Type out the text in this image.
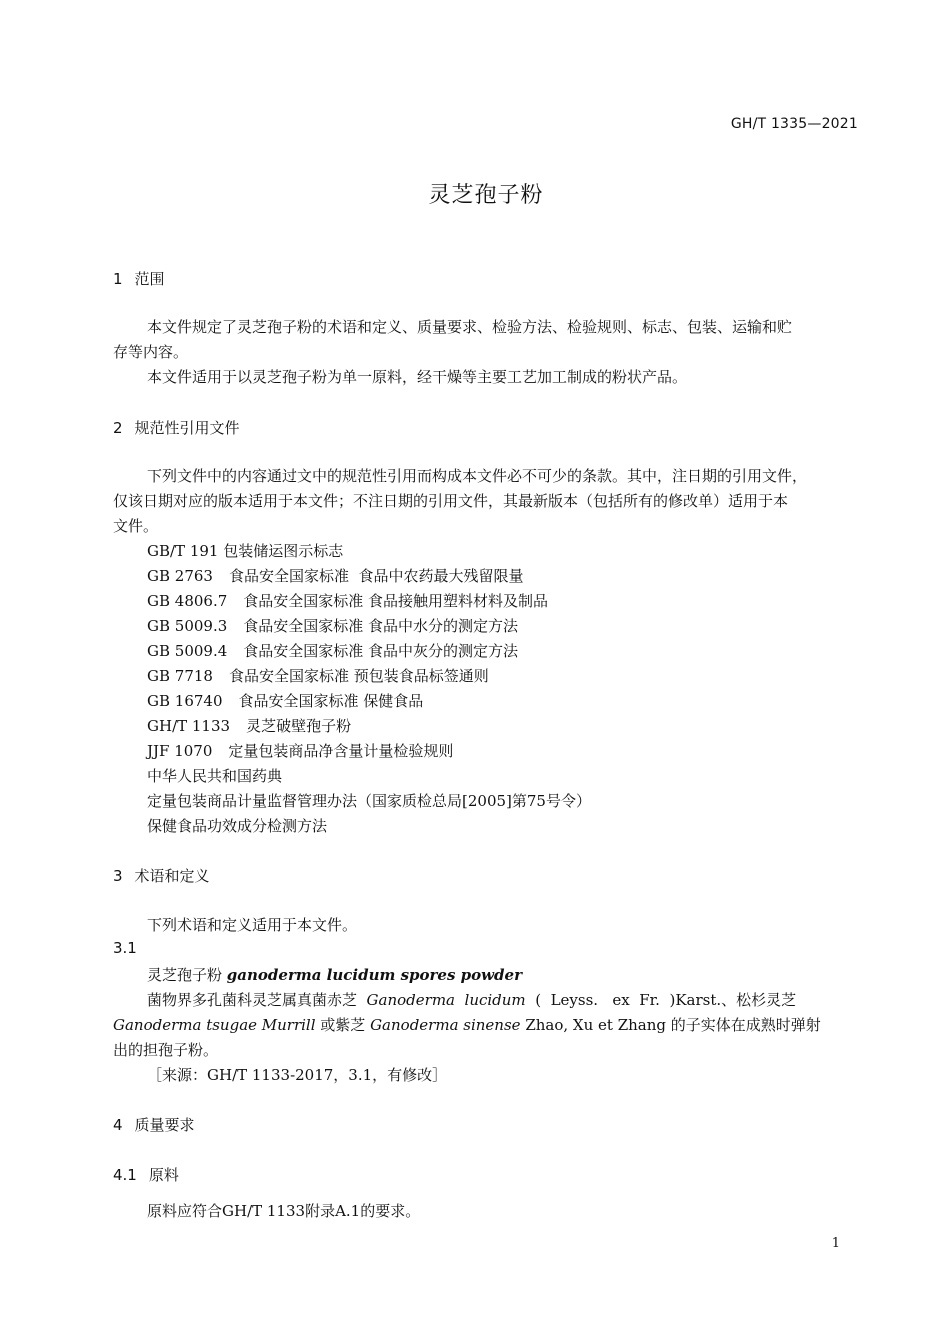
GH/T 1335—2021
灵芝孢子粉
1 范围
本文件规定了灵芝孢子粉的术语和定义、质量要求、检验方法、检验规则、标志、包装、运输和贮
存等内容。
本文件适用于以灵芝孢子粉为单一原料，经干燥等主要工艺加工制成的粉状产品。
2 规范性引用文件
下列文件中的内容通过文中的规范性引用而构成本文件必不可少的条款。其中，注日期的引用文件，
仅该日期对应的版本适用于本文件；不注日期的引用文件，其最新版本（包括所有的修改单）适用于本
文件。
GB/T 191 包装储运图示标志
GB 2763 食品安全国家标准  食品中农药最大残留限量
GB 4806.7 食品安全国家标准 食品接触用塑料材料及制品
GB 5009.3 食品安全国家标准 食品中水分的测定方法
GB 5009.4 食品安全国家标准 食品中灰分的测定方法
GB 7718 食品安全国家标准 预包装食品标签通则
GB 16740 食品安全国家标准 保健食品
GH/T 1133 灵芝破壁孢子粉
JJF 1070 定量包装商品净含量计量检验规则
中华人民共和国药典
定量包装商品计量监督管理办法（国家质检总局[2005]第75号令）
保健食品功效成分检测方法
3 术语和定义
下列术语和定义适用于本文件。
3.1
灵芝孢子粉 ganoderma lucidum spores powder
菌物界多孔菌科灵芝属真菌赤芝  Ganoderma  lucidum  (  Leyss.   ex  Fr.  )Karst.、松杉灵芝
Ganoderma tsugae Murrill 或紫芝 Ganoderma sinense Zhao, Xu et Zhang 的子实体在成熟时弹射
出的担孢子粉。
［来源：GH/T 1133-2017，3.1，有修改］
4 质量要求
4.1 原料
原料应符合GH/T 1133附录A.1的要求。
1
